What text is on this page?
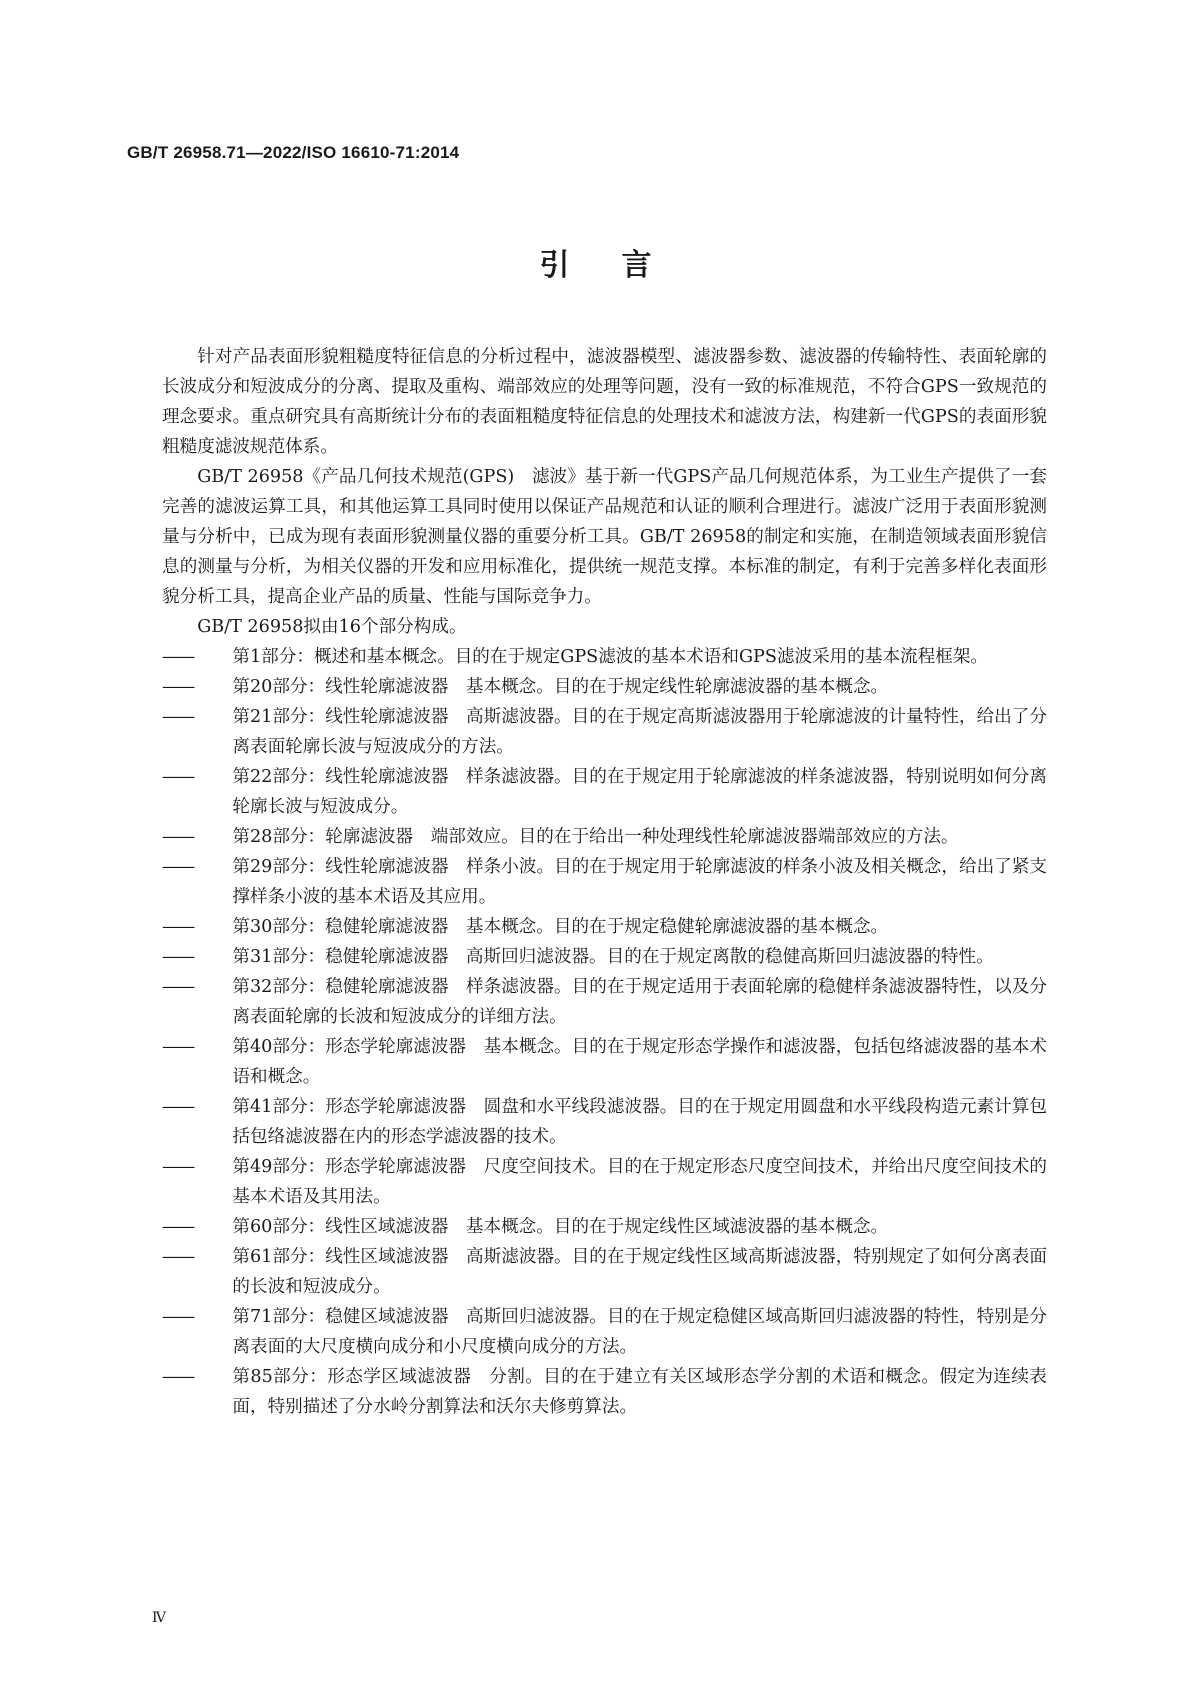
GB/T 26958.71—2022/ISO 16610-71:2014
引言

针对产品表面形貌粗糙度特征信息的分析过程中，滤波器模型、滤波器参数、滤波器的传输特性、表面轮廓的长波成分和短波成分的分离、提取及重构、端部效应的处理等问题，没有一致的标准规范，不符合GPS一致规范的理念要求。重点研究具有高斯统计分布的表面粗糙度特征信息的处理技术和滤波方法，构建新一代GPS的表面形貌粗糙度滤波规范体系。

GB/T 26958《产品几何技术规范(GPS)　滤波》基于新一代GPS产品几何规范体系，为工业生产提供了一套完善的滤波运算工具，和其他运算工具同时使用以保证产品规范和认证的顺利合理进行。滤波广泛用于表面形貌测量与分析中，已成为现有表面形貌测量仪器的重要分析工具。GB/T 26958的制定和实施，在制造领域表面形貌信息的测量与分析，为相关仪器的开发和应用标准化，提供统一规范支撑。本标准的制定，有利于完善多样化表面形貌分析工具，提高企业产品的质量、性能与国际竞争力。

GB/T 26958拟由16个部分构成。

——	第1部分：概述和基本概念。目的在于规定GPS滤波的基本术语和GPS滤波采用的基本流程框架。
——	第20部分：线性轮廓滤波器　基本概念。目的在于规定线性轮廓滤波器的基本概念。
——	第21部分：线性轮廓滤波器　高斯滤波器。目的在于规定高斯滤波器用于轮廓滤波的计量特性，给出了分离表面轮廓长波与短波成分的方法。
——	第22部分：线性轮廓滤波器　样条滤波器。目的在于规定用于轮廓滤波的样条滤波器，特别说明如何分离轮廓长波与短波成分。
——	第28部分：轮廓滤波器　端部效应。目的在于给出一种处理线性轮廓滤波器端部效应的方法。
——	第29部分：线性轮廓滤波器　样条小波。目的在于规定用于轮廓滤波的样条小波及相关概念，给出了紧支撑样条小波的基本术语及其应用。
——	第30部分：稳健轮廓滤波器　基本概念。目的在于规定稳健轮廓滤波器的基本概念。
——	第31部分：稳健轮廓滤波器　高斯回归滤波器。目的在于规定离散的稳健高斯回归滤波器的特性。
——	第32部分：稳健轮廓滤波器　样条滤波器。目的在于规定适用于表面轮廓的稳健样条滤波器特性，以及分离表面轮廓的长波和短波成分的详细方法。
——	第40部分：形态学轮廓滤波器　基本概念。目的在于规定形态学操作和滤波器，包括包络滤波器的基本术语和概念。
——	第41部分：形态学轮廓滤波器　圆盘和水平线段滤波器。目的在于规定用圆盘和水平线段构造元素计算包括包络滤波器在内的形态学滤波器的技术。
——	第49部分：形态学轮廓滤波器　尺度空间技术。目的在于规定形态尺度空间技术，并给出尺度空间技术的基本术语及其用法。
——	第60部分：线性区域滤波器　基本概念。目的在于规定线性区域滤波器的基本概念。
——	第61部分：线性区域滤波器　高斯滤波器。目的在于规定线性区域高斯滤波器，特别规定了如何分离表面的长波和短波成分。
——	第71部分：稳健区域滤波器　高斯回归滤波器。目的在于规定稳健区域高斯回归滤波器的特性，特别是分离表面的大尺度横向成分和小尺度横向成分的方法。
——	第85部分：形态学区域滤波器　分割。目的在于建立有关区域形态学分割的术语和概念。假定为连续表面，特别描述了分水岭分割算法和沃尔夫修剪算法。
Ⅳ
